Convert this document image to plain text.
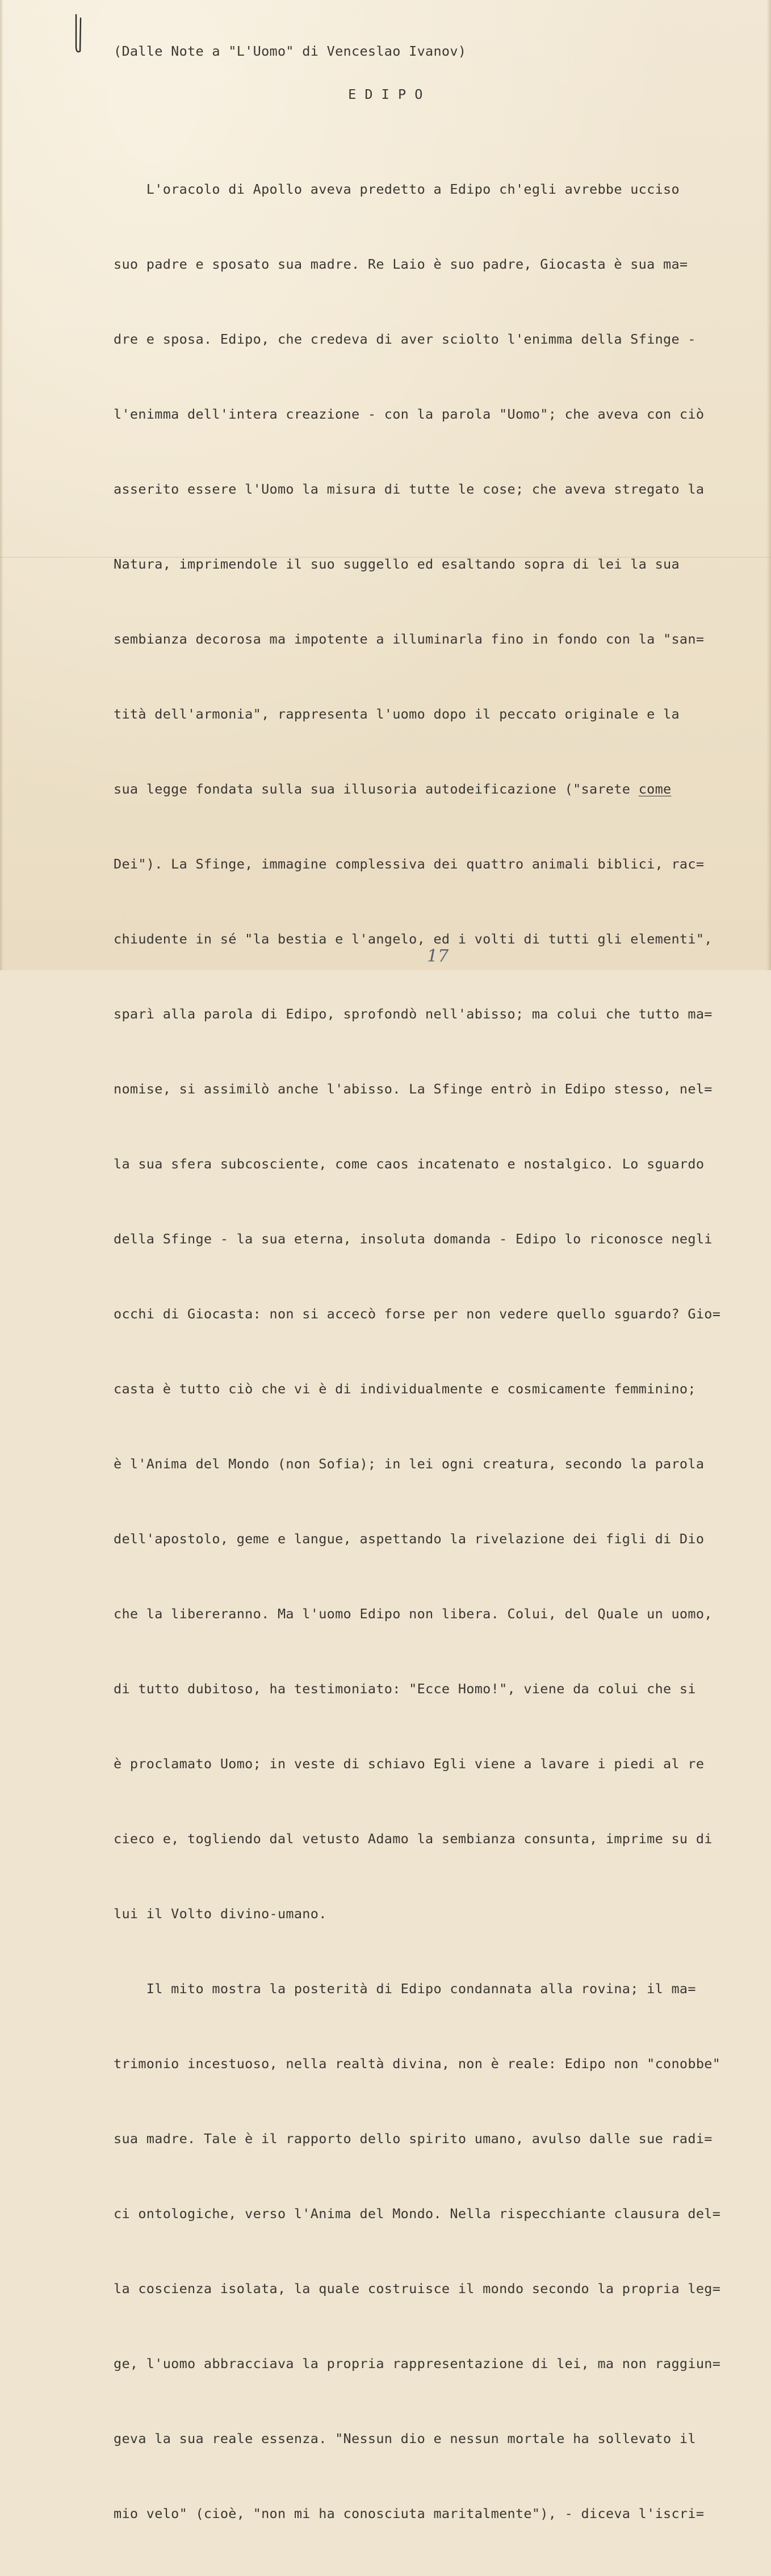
(Dalle Note a "L'Uomo" di Venceslao Ivanov)
E D I P O

L'oracolo di Apollo aveva predetto a Edipo ch'egli avrebbe ucciso

suo padre e sposato sua madre. Re Laio è suo padre, Giocasta è sua ma=

dre e sposa. Edipo, che credeva di aver sciolto l'enimma della Sfinge -

l'enimma dell'intera creazione - con la parola "Uomo"; che aveva con ciò

asserito essere l'Uomo la misura di tutte le cose; che aveva stregato la

Natura, imprimendole il suo suggello ed esaltando sopra di lei la sua

sembianza decorosa ma impotente a illuminarla fino in fondo con la "san=

tità dell'armonia", rappresenta l'uomo dopo il peccato originale e la

sua legge fondata sulla sua illusoria autodeificazione ("sarete come

Dei"). La Sfinge, immagine complessiva dei quattro animali biblici, rac=

chiudente in sé "la bestia e l'angelo, ed i volti di tutti gli elementi",

sparì alla parola di Edipo, sprofondò nell'abisso; ma colui che tutto ma=

nomise, si assimilò anche l'abisso. La Sfinge entrò in Edipo stesso, nel=

la sua sfera subcosciente, come caos incatenato e nostalgico. Lo sguardo

della Sfinge - la sua eterna, insoluta domanda - Edipo lo riconosce negli

occhi di Giocasta: non si accecò forse per non vedere quello sguardo? Gio=

casta è tutto ciò che vi è di individualmente e cosmicamente femminino;

è l'Anima del Mondo (non Sofia); in lei ogni creatura, secondo la parola

dell'apostolo, geme e langue, aspettando la rivelazione dei figli di Dio

che la libereranno. Ma l'uomo Edipo non libera. Colui, del Quale un uomo,

di tutto dubitoso, ha testimoniato: "Ecce Homo!", viene da colui che si

è proclamato Uomo; in veste di schiavo Egli viene a lavare i piedi al re

cieco e, togliendo dal vetusto Adamo la sembianza consunta, imprime su di

lui il Volto divino-umano.

Il mito mostra la posterità di Edipo condannata alla rovina; il ma=

trimonio incestuoso, nella realtà divina, non è reale: Edipo non "conobbe"

sua madre. Tale è il rapporto dello spirito umano, avulso dalle sue radi=

ci ontologiche, verso l'Anima del Mondo. Nella rispecchiante clausura del=

la coscienza isolata, la quale costruisce il mondo secondo la propria leg=

ge, l'uomo abbracciava la propria rappresentazione di lei, ma non raggiun=

geva la sua reale essenza. "Nessun dio e nessun mortale ha sollevato il

mio velo" (cioè, "non mi ha conosciuta maritalmente"), - diceva l'iscri=

17
